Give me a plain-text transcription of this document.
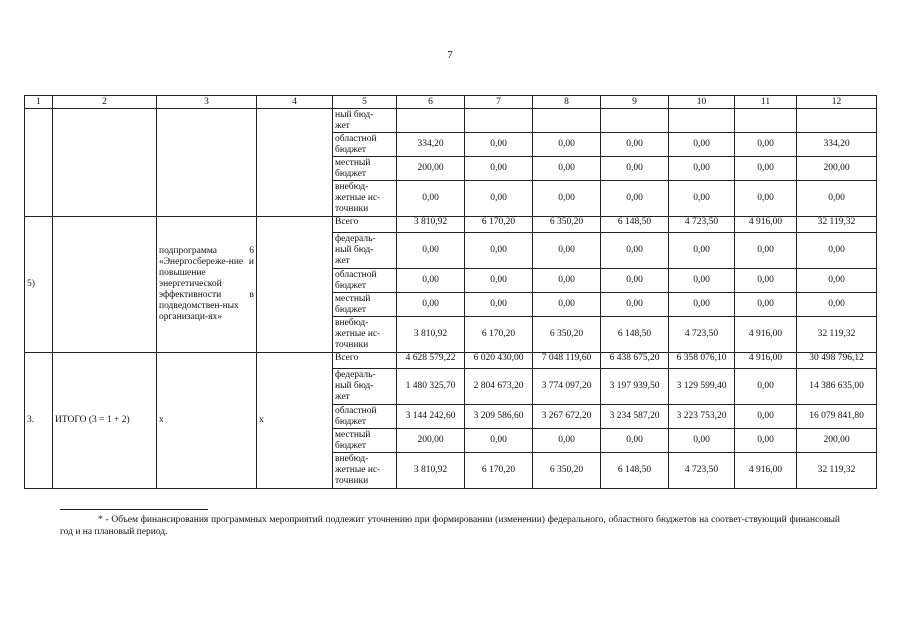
7
1	2	3	4	5	6	7	8	9	10	11	12
				ный бюд-
жет							
				областной
бюджет	334,20	0,00	0,00	0,00	0,00	0,00	334,20
				местный
бюджет	200,00	0,00	0,00	0,00	0,00	0,00	200,00
				внебюд-
жетные ис-
точники	0,00	0,00	0,00	0,00	0,00	0,00	0,00
5)		подпрограмма 6 «Энергосбереже-ние и повышение энергетической эффективности в подведомствен-ных организаци-ях»		Всего	3 810,92	6 170,20	6 350,20	6 148,50	4 723,50	4 916,00	32 119,32
				федераль-
ный бюд-
жет	0,00	0,00	0,00	0,00	0,00	0,00	0,00
				областной
бюджет	0,00	0,00	0,00	0,00	0,00	0,00	0,00
				местный
бюджет	0,00	0,00	0,00	0,00	0,00	0,00	0,00
				внебюд-
жетные ис-
точники	3 810,92	6 170,20	6 350,20	6 148,50	4 723,50	4 916,00	32 119,32
3.	ИТОГО (3 = 1 + 2)	х	х	Всего	4 628 579,22	6 020 430,00	7 048 119,60	6 438 675,20	6 358 076,10	4 916,00	30 498 796,12
				федераль-
ный бюд-
жет	1 480 325,70	2 804 673,20	3 774 097,20	3 197 939,50	3 129 599,40	0,00	14 386 635,00
				областной
бюджет	3 144 242,60	3 209 586,60	3 267 672,20	3 234 587,20	3 223 753,20	0,00	16 079 841,80
				местный
бюджет	200,00	0,00	0,00	0,00	0,00	0,00	200,00
				внебюд-
жетные ис-
точники	3 810,92	6 170,20	6 350,20	6 148,50	4 723,50	4 916,00	32 119,32
* - Объем финансирования программных мероприятий подлежит уточнению при формировании (изменении) федерального, областного бюджетов на соответ-ствующий финансовый год и на плановый период.
